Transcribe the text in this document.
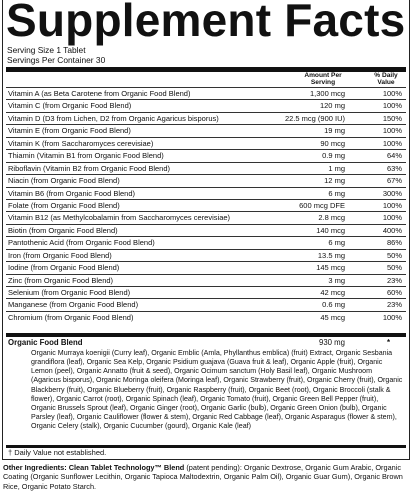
Supplement Facts
Serving Size 1 Tablet
Servings Per Container 30
Amount Per Serving
% Daily Value
Vitamin A (as Beta Carotene from Organic Food Blend)	1,300 mcg	100%
Vitamin C (from Organic Food Blend)	120 mg	100%
Vitamin D (D3 from Lichen, D2 from Organic Agaricus bisporus)	22.5 mcg (900 IU)	150%
Vitamin E (from Organic Food Blend)	19 mg	100%
Vitamin K (from Saccharomyces cerevisiae)	90 mcg	100%
Thiamin (Vitamin B1 from Organic Food Blend)	0.9 mg	64%
Riboflavin (Vitamin B2 from Organic Food Blend)	1 mg	63%
Niacin (from Organic Food Blend)	12 mg	67%
Vitamin B6 (from Organic Food Blend)	6 mg	300%
Folate (from Organic Food Blend)	600 mcg DFE	100%
Vitamin B12 (as Methylcobalamin from Saccharomyces cerevisiae)	2.8 mcg	100%
Biotin (from Organic Food Blend)	140 mcg	400%
Pantothenic Acid (from Organic Food Blend)	6 mg	86%
Iron (from Organic Food Blend)	13.5 mg	50%
Iodine (from Organic Food Blend)	145 mcg	50%
Zinc (from Organic Food Blend)	3 mg	23%
Selenium (from Organic Food Blend)	42 mcg	60%
Manganese (from Organic Food Blend)	0.6 mg	23%
Chromium (from Organic Food Blend)	45 mcg	100%
Organic Food Blend	930 mg	*
Organic Murraya koenigii (Curry leaf), Organic Emblic (Amla, Phyllanthus emblica) (fruit) Extract, Organic Sesbania grandiflora (leaf), Organic Sea Kelp, Organic Psidium guajava (Guava fruit & leaf), Organic Apple (fruit), Organic Lemon (peel), Organic Annatto (fruit & seed), Organic Ocimum sanctum (Holy Basil leaf), Organic Mushroom (Agaricus bisporus), Organic Moringa oleifera (Moringa leaf), Organic Strawberry (fruit), Organic Cherry (fruit), Organic Blackberry (fruit), Organic Blueberry (fruit), Organic Raspberry (fruit), Organic Beet (root), Organic Broccoli (stalk & flower), Organic Carrot (root), Organic Spinach (leaf), Organic Tomato (fruit), Organic Green Bell Pepper (fruit), Organic Brussels Sprout (leaf), Organic Ginger (root), Organic Garlic (bulb), Organic Green Onion (bulb), Organic Parsley (leaf), Organic Cauliflower (flower & stem), Organic Red Cabbage (leaf), Organic Asparagus (flower & stem), Organic Celery (stalk), Organic Cucumber (gourd), Organic Kale (leaf)
† Daily Value not established.
Other Ingredients: Clean Tablet Technology™ Blend (patent pending): Organic Dextrose, Organic Gum Arabic, Organic Coating (Organic Sunflower Lecithin, Organic Tapioca Maltodextrin, Organic Palm Oil), Organic Guar Gum), Organic Brown Rice, Organic Potato Starch.
